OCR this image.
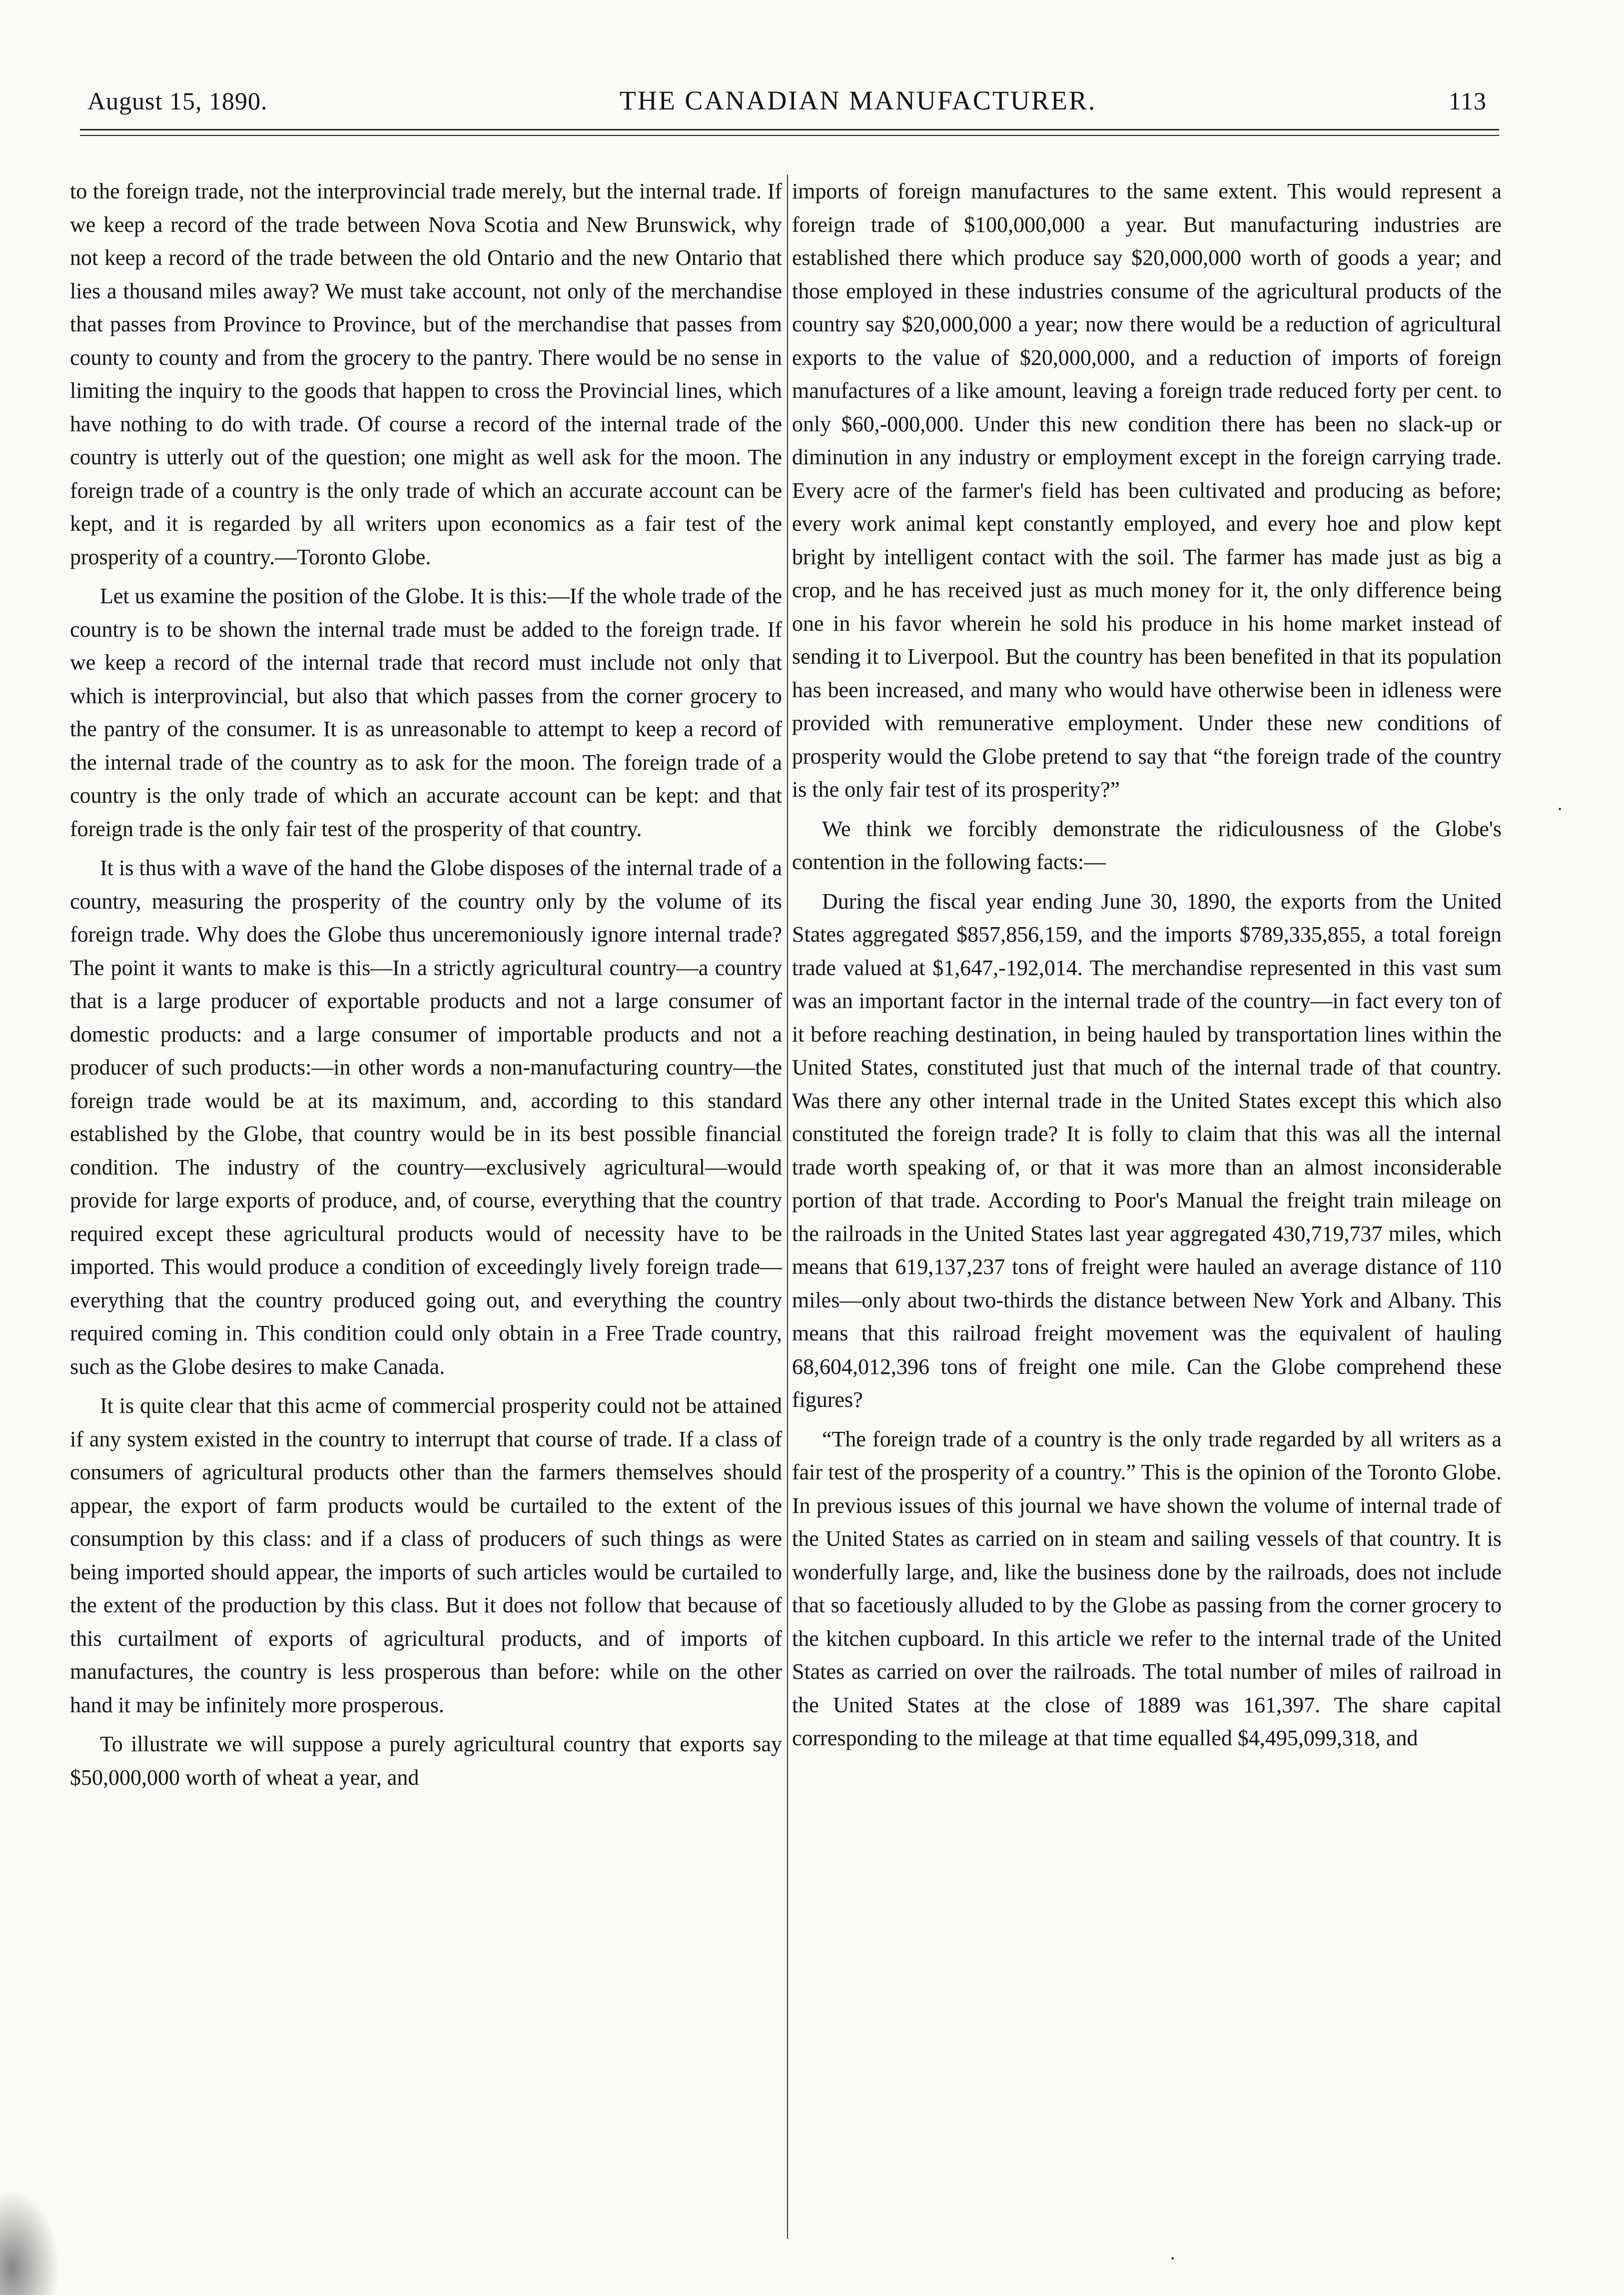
August 15, 1890.	THE CANADIAN MANUFACTURER.	113

to the foreign trade, not the interprovincial trade merely, but the internal trade. If we keep a record of the trade between Nova Scotia and New Brunswick, why not keep a record of the trade between the old Ontario and the new Ontario that lies a thousand miles away? We must take account, not only of the merchandise that passes from Province to Province, but of the merchandise that passes from county to county and from the grocery to the pantry. There would be no sense in limiting the inquiry to the goods that happen to cross the Provincial lines, which have nothing to do with trade. Of course a record of the internal trade of the country is utterly out of the question; one might as well ask for the moon. The foreign trade of a country is the only trade of which an accurate account can be kept, and it is regarded by all writers upon economics as a fair test of the prosperity of a country.—Toronto Globe.

Let us examine the position of the Globe. It is this:—If the whole trade of the country is to be shown the internal trade must be added to the foreign trade. If we keep a record of the internal trade that record must include not only that which is interprovincial, but also that which passes from the corner grocery to the pantry of the consumer. It is as unreasonable to attempt to keep a record of the internal trade of the country as to ask for the moon. The foreign trade of a country is the only trade of which an accurate account can be kept: and that foreign trade is the only fair test of the prosperity of that country.

It is thus with a wave of the hand the Globe disposes of the internal trade of a country, measuring the prosperity of the country only by the volume of its foreign trade. Why does the Globe thus unceremoniously ignore internal trade? The point it wants to make is this—In a strictly agricultural country—a country that is a large producer of exportable products and not a large consumer of domestic products: and a large consumer of importable products and not a producer of such products:—in other words a non-manufacturing country—the foreign trade would be at its maximum, and, according to this standard established by the Globe, that country would be in its best possible financial condition. The industry of the country—exclusively agricultural—would provide for large exports of produce, and, of course, everything that the country required except these agricultural products would of necessity have to be imported. This would produce a condition of exceedingly lively foreign trade—everything that the country produced going out, and everything the country required coming in. This condition could only obtain in a Free Trade country, such as the Globe desires to make Canada.

It is quite clear that this acme of commercial prosperity could not be attained if any system existed in the country to interrupt that course of trade. If a class of consumers of agricultural products other than the farmers themselves should appear, the export of farm products would be curtailed to the extent of the consumption by this class: and if a class of producers of such things as were being imported should appear, the imports of such articles would be curtailed to the extent of the production by this class. But it does not follow that because of this curtailment of exports of agricultural products, and of imports of manufactures, the country is less prosperous than before: while on the other hand it may be infinitely more prosperous.

To illustrate we will suppose a purely agricultural country that exports say $50,000,000 worth of wheat a year, and

imports of foreign manufactures to the same extent. This would represent a foreign trade of $100,000,000 a year. But manufacturing industries are established there which produce say $20,000,000 worth of goods a year; and those employed in these industries consume of the agricultural products of the country say $20,000,000 a year; now there would be a reduction of agricultural exports to the value of $20,000,000, and a reduction of imports of foreign manufactures of a like amount, leaving a foreign trade reduced forty per cent. to only $60,-000,000. Under this new condition there has been no slack-up or diminution in any industry or employment except in the foreign carrying trade. Every acre of the farmer's field has been cultivated and producing as before; every work animal kept constantly employed, and every hoe and plow kept bright by intelligent contact with the soil. The farmer has made just as big a crop, and he has received just as much money for it, the only difference being one in his favor wherein he sold his produce in his home market instead of sending it to Liverpool. But the country has been benefited in that its population has been increased, and many who would have otherwise been in idleness were provided with remunerative employment. Under these new conditions of prosperity would the Globe pretend to say that “the foreign trade of the country is the only fair test of its prosperity?”

We think we forcibly demonstrate the ridiculousness of the Globe's contention in the following facts:—

During the fiscal year ending June 30, 1890, the exports from the United States aggregated $857,856,159, and the imports $789,335,855, a total foreign trade valued at $1,647,-192,014. The merchandise represented in this vast sum was an important factor in the internal trade of the country—in fact every ton of it before reaching destination, in being hauled by transportation lines within the United States, constituted just that much of the internal trade of that country. Was there any other internal trade in the United States except this which also constituted the foreign trade? It is folly to claim that this was all the internal trade worth speaking of, or that it was more than an almost inconsiderable portion of that trade. According to Poor's Manual the freight train mileage on the railroads in the United States last year aggregated 430,719,737 miles, which means that 619,137,237 tons of freight were hauled an average distance of 110 miles—only about two-thirds the distance between New York and Albany. This means that this railroad freight movement was the equivalent of hauling 68,604,012,396 tons of freight one mile. Can the Globe comprehend these figures?

“The foreign trade of a country is the only trade regarded by all writers as a fair test of the prosperity of a country.” This is the opinion of the Toronto Globe. In previous issues of this journal we have shown the volume of internal trade of the United States as carried on in steam and sailing vessels of that country. It is wonderfully large, and, like the business done by the railroads, does not include that so facetiously alluded to by the Globe as passing from the corner grocery to the kitchen cupboard. In this article we refer to the internal trade of the United States as carried on over the railroads. The total number of miles of railroad in the United States at the close of 1889 was 161,397. The share capital corresponding to the mileage at that time equalled $4,495,099,318, and

·
·
